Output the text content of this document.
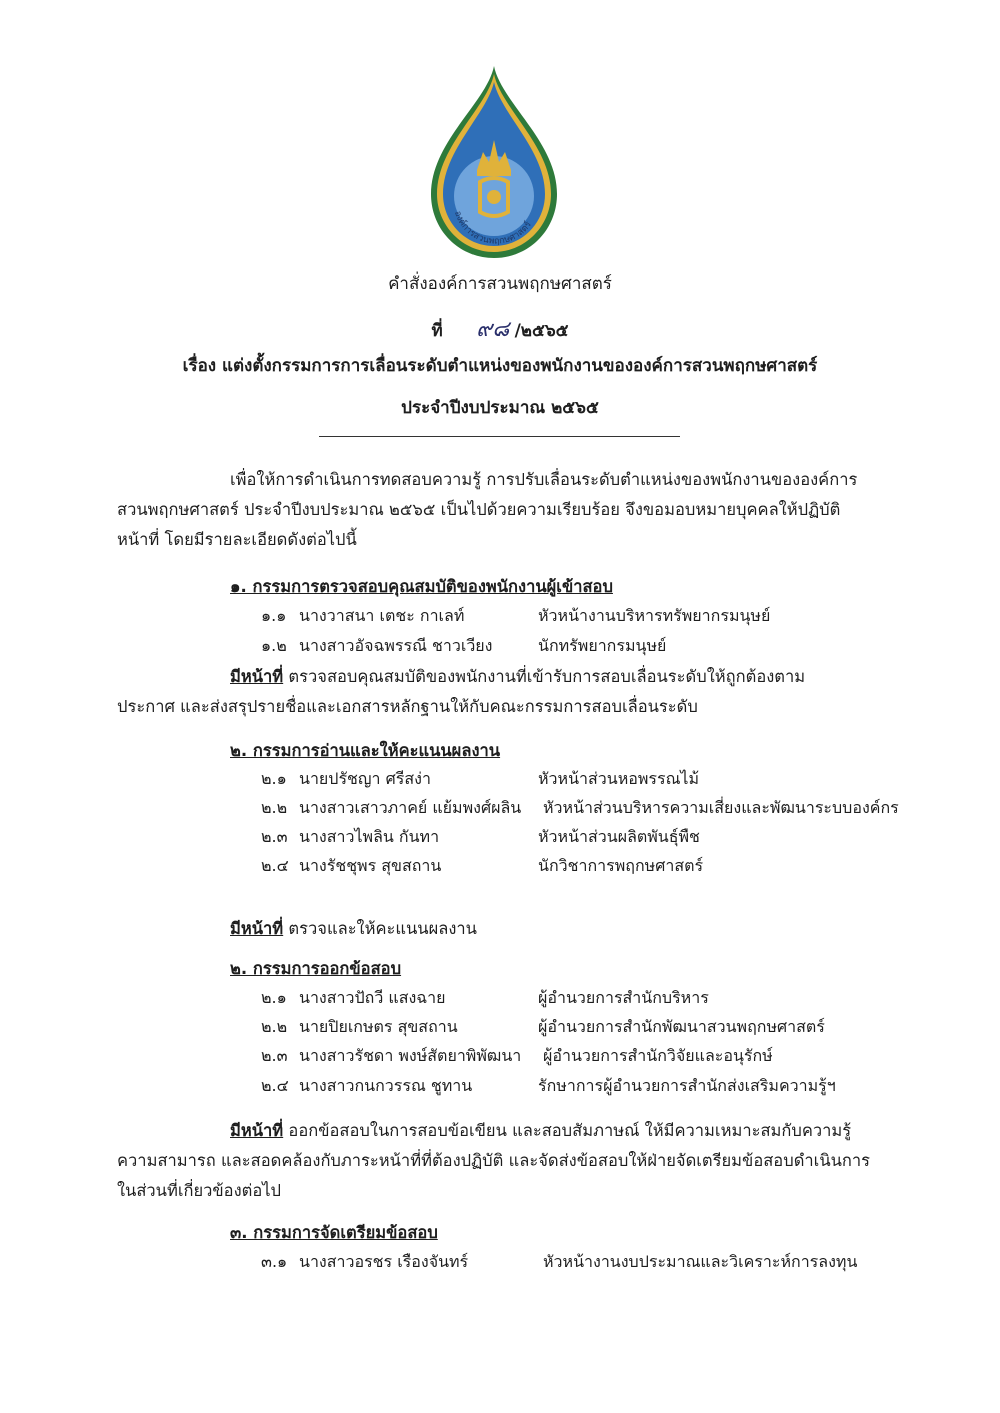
องค์การสวนพฤกษศาสตร์
คำสั่งองค์การสวนพฤกษศาสตร์
ที่ ๙๘ /๒๕๖๕
เรื่อง แต่งตั้งกรรมการการเลื่อนระดับตำแหน่งของพนักงานขององค์การสวนพฤกษศาสตร์
ประจำปีงบประมาณ ๒๕๖๕
เพื่อให้การดำเนินการทดสอบความรู้ การปรับเลื่อนระดับตำแหน่งของพนักงานขององค์การ
สวนพฤกษศาสตร์ ประจำปีงบประมาณ ๒๕๖๕ เป็นไปด้วยความเรียบร้อย จึงขอมอบหมายบุคคลให้ปฏิบัติ
หน้าที่ โดยมีรายละเอียดดังต่อไปนี้
๑. กรรมการตรวจสอบคุณสมบัติของพนักงานผู้เข้าสอบ
๑.๑ นางวาสนา เตชะ กาเลท์	หัวหน้างานบริหารทรัพยากรมนุษย์
๑.๒ นางสาวอัจฉพรรณี ชาวเวียง	นักทรัพยากรมนุษย์
มีหน้าที่ ตรวจสอบคุณสมบัติของพนักงานที่เข้ารับการสอบเลื่อนระดับให้ถูกต้องตาม
ประกาศ และส่งสรุปรายชื่อและเอกสารหลักฐานให้กับคณะกรรมการสอบเลื่อนระดับ
๒. กรรมการอ่านและให้คะแนนผลงาน
๒.๑ นายปรัชญา ศรีสง่า	หัวหน้าส่วนหอพรรณไม้
๒.๒ นางสาวเสาวภาคย์ แย้มพงศ์ผลิน หัวหน้าส่วนบริหารความเสี่ยงและพัฒนาระบบองค์กร
๒.๓ นางสาวไพลิน กันทา	หัวหน้าส่วนผลิตพันธุ์พืช
๒.๔ นางรัชชุพร สุขสถาน	นักวิชาการพฤกษศาสตร์
มีหน้าที่ ตรวจและให้คะแนนผลงาน
๒. กรรมการออกข้อสอบ
๒.๑ นางสาวปัถวี แสงฉาย	ผู้อำนวยการสำนักบริหาร
๒.๒ นายปิยเกษตร สุขสถาน	ผู้อำนวยการสำนักพัฒนาสวนพฤกษศาสตร์
๒.๓ นางสาวรัชดา พงษ์สัตยาพิพัฒนา ผู้อำนวยการสำนักวิจัยและอนุรักษ์
๒.๔ นางสาวกนกวรรณ ชูทาน	รักษาการผู้อำนวยการสำนักส่งเสริมความรู้ฯ
มีหน้าที่ ออกข้อสอบในการสอบข้อเขียน และสอบสัมภาษณ์ ให้มีความเหมาะสมกับความรู้
ความสามารถ และสอดคล้องกับภาระหน้าที่ที่ต้องปฏิบัติ และจัดส่งข้อสอบให้ฝ่ายจัดเตรียมข้อสอบดำเนินการ
ในส่วนที่เกี่ยวข้องต่อไป
๓. กรรมการจัดเตรียมข้อสอบ
๓.๑ นางสาวอรชร เรืองจันทร์	หัวหน้างานงบประมาณและวิเคราะห์การลงทุน
